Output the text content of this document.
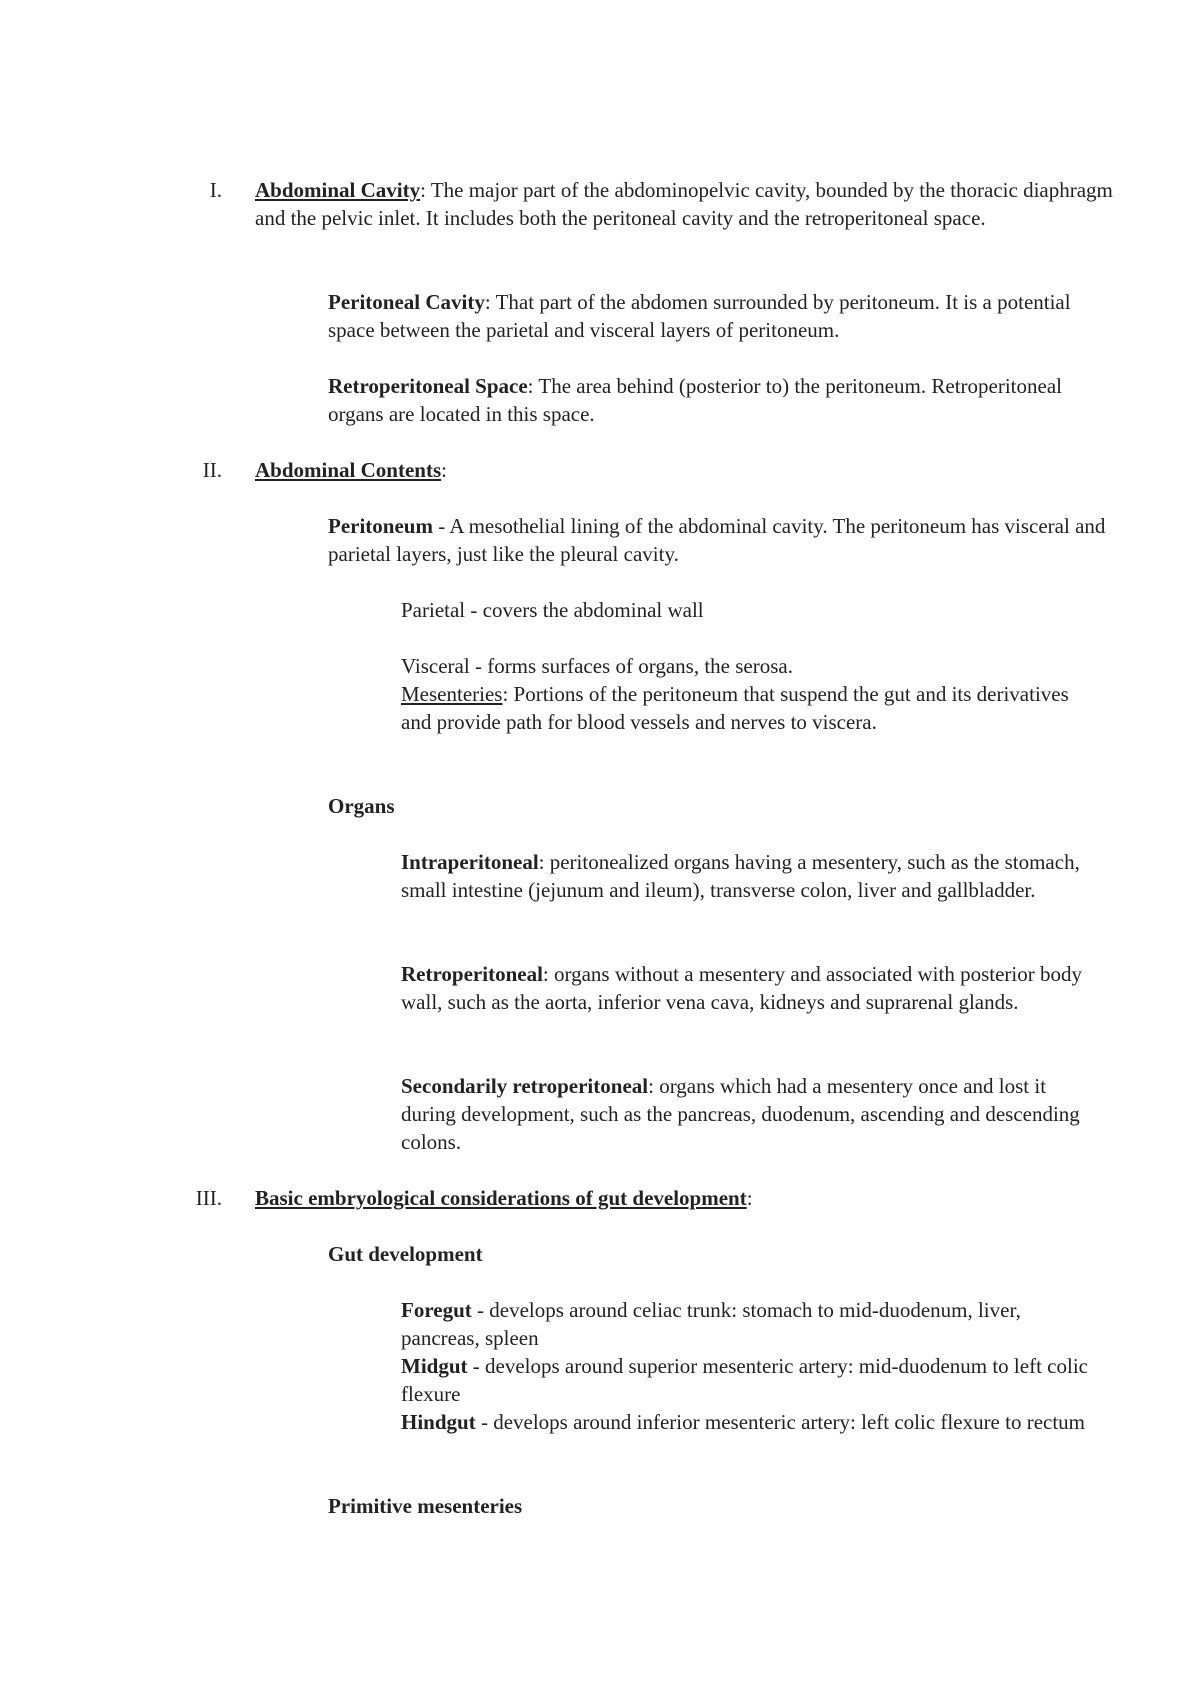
I. Abdominal Cavity: The major part of the abdominopelvic cavity, bounded by the thoracic diaphragm and the pelvic inlet. It includes both the peritoneal cavity and the retroperitoneal space.

Peritoneal Cavity: That part of the abdomen surrounded by peritoneum. It is a potential space between the parietal and visceral layers of peritoneum.

Retroperitoneal Space: The area behind (posterior to) the peritoneum. Retroperitoneal organs are located in this space.

II. Abdominal Contents:

Peritoneum - A mesothelial lining of the abdominal cavity. The peritoneum has visceral and parietal layers, just like the pleural cavity.

Parietal - covers the abdominal wall

Visceral - forms surfaces of organs, the serosa.

Mesenteries: Portions of the peritoneum that suspend the gut and its derivatives and provide path for blood vessels and nerves to viscera.

Organs

Intraperitoneal: peritonealized organs having a mesentery, such as the stomach, small intestine (jejunum and ileum), transverse colon, liver and gallbladder.

Retroperitoneal: organs without a mesentery and associated with posterior body wall, such as the aorta, inferior vena cava, kidneys and suprarenal glands.

Secondarily retroperitoneal: organs which had a mesentery once and lost it during development, such as the pancreas, duodenum, ascending and descending colons.

III. Basic embryological considerations of gut development:

Gut development

Foregut - develops around celiac trunk: stomach to mid-duodenum, liver, pancreas, spleen

Midgut - develops around superior mesenteric artery: mid-duodenum to left colic flexure

Hindgut - develops around inferior mesenteric artery: left colic flexure to rectum

Primitive mesenteries
